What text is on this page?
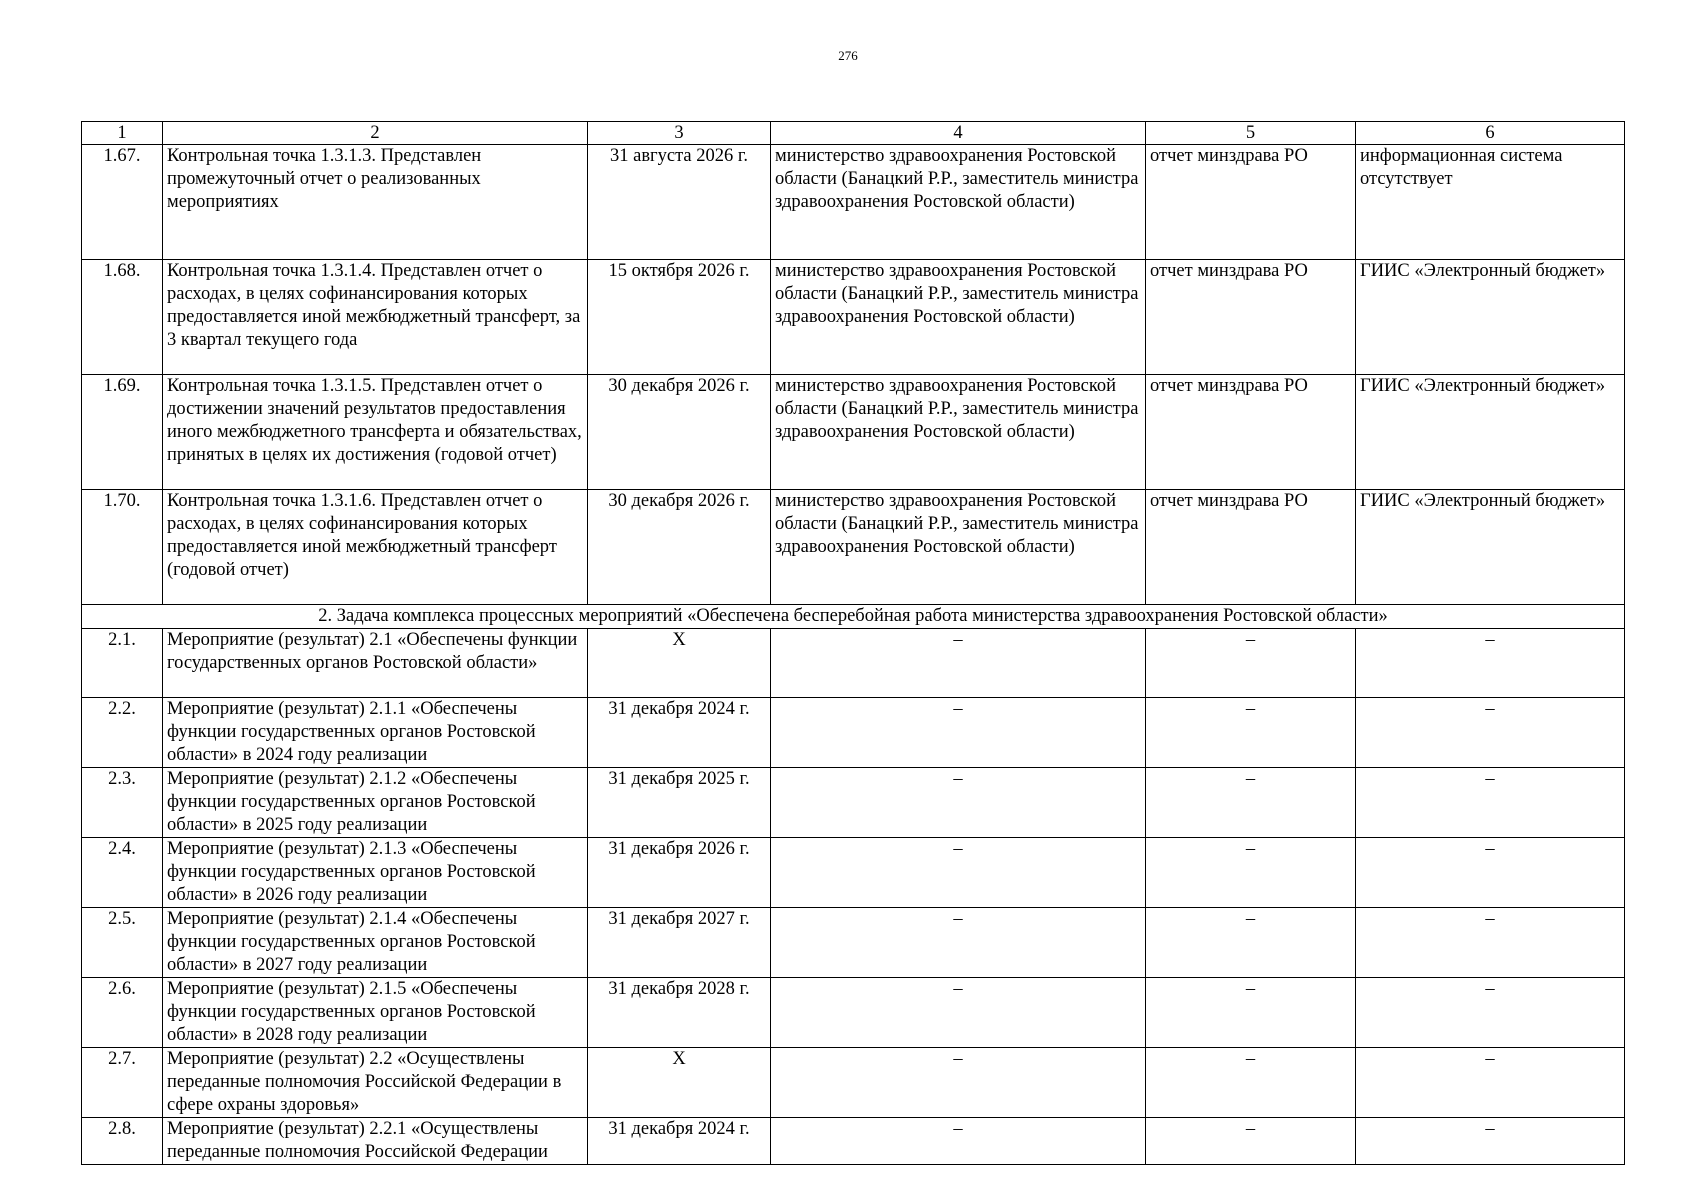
276
1	2	3	4	5	6
1.67.	Контрольная точка 1.3.1.3. Представлен промежуточный отчет о реализованных мероприятиях	31 августа 2026 г.	министерство здравоохранения Ростовской области (Банацкий Р.Р., заместитель министра здравоохранения Ростовской области)	отчет минздрава РО	информационная система отсутствует
1.68.	Контрольная точка 1.3.1.4. Представлен отчет о расходах, в целях софинансирования которых предоставляется иной межбюджетный трансферт, за 3 квартал текущего года	15 октября 2026 г.	министерство здравоохранения Ростовской области (Банацкий Р.Р., заместитель министра здравоохранения Ростовской области)	отчет минздрава РО	ГИИС «Электронный бюджет»
1.69.	Контрольная точка 1.3.1.5. Представлен отчет о достижении значений результатов предоставления иного межбюджетного трансферта и обязательствах, принятых в целях их достижения (годовой отчет)	30 декабря 2026 г.	министерство здравоохранения Ростовской области (Банацкий Р.Р., заместитель министра здравоохранения Ростовской области)	отчет минздрава РО	ГИИС «Электронный бюджет»
1.70.	Контрольная точка 1.3.1.6. Представлен отчет о расходах, в целях софинансирования которых предоставляется иной межбюджетный трансферт (годовой отчет)	30 декабря 2026 г.	министерство здравоохранения Ростовской области (Банацкий Р.Р., заместитель министра здравоохранения Ростовской области)	отчет минздрава РО	ГИИС «Электронный бюджет»
2. Задача комплекса процессных мероприятий «Обеспечена бесперебойная работа министерства здравоохранения Ростовской области»					
2.1.	Мероприятие (результат) 2.1 «Обеспечены функции государственных органов Ростовской области»	Х	–	–	–
2.2.	Мероприятие (результат) 2.1.1 «Обеспечены функции государственных органов Ростовской области» в 2024 году реализации	31 декабря 2024 г.	–	–	–
2.3.	Мероприятие (результат) 2.1.2 «Обеспечены функции государственных органов Ростовской области» в 2025 году реализации	31 декабря 2025 г.	–	–	–
2.4.	Мероприятие (результат) 2.1.3 «Обеспечены функции государственных органов Ростовской области» в 2026 году реализации	31 декабря 2026 г.	–	–	–
2.5.	Мероприятие (результат) 2.1.4 «Обеспечены функции государственных органов Ростовской области» в 2027 году реализации	31 декабря 2027 г.	–	–	–
2.6.	Мероприятие (результат) 2.1.5 «Обеспечены функции государственных органов Ростовской области» в 2028 году реализации	31 декабря 2028 г.	–	–	–
2.7.	Мероприятие (результат) 2.2 «Осуществлены переданные полномочия Российской Федерации в сфере охраны здоровья»	Х	–	–	–
2.8.	Мероприятие (результат) 2.2.1 «Осуществлены переданные полномочия Российской Федерации	31 декабря 2024 г.	–	–	–
